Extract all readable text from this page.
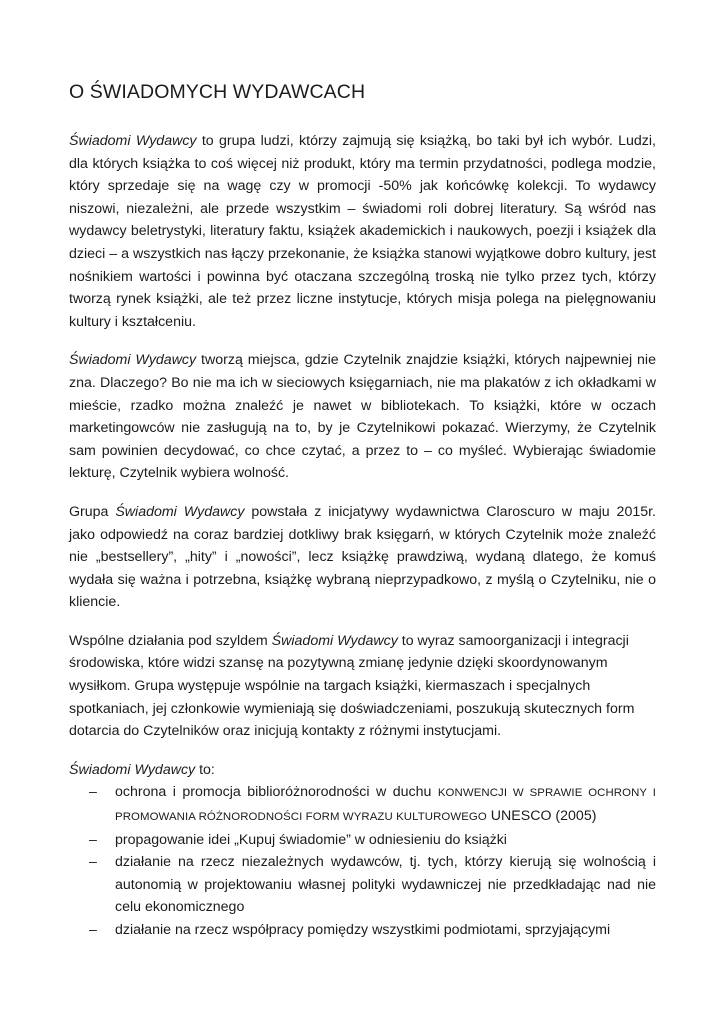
O ŚWIADOMYCH WYDAWCACH

Świadomi Wydawcy to grupa ludzi, którzy zajmują się książką, bo taki był ich wybór. Ludzi, dla których książka to coś więcej niż produkt, który ma termin przydatności, podlega modzie, który sprzedaje się na wagę czy w promocji -50% jak końcówkę kolekcji. To wydawcy niszowi, niezależni, ale przede wszystkim – świadomi roli dobrej literatury. Są wśród nas wydawcy beletrystyki, literatury faktu, książek akademickich i naukowych, poezji i książek dla dzieci – a wszystkich nas łączy przekonanie, że książka stanowi wyjątkowe dobro kultury, jest nośnikiem wartości i powinna być otaczana szczególną troską nie tylko przez tych, którzy tworzą rynek książki, ale też przez liczne instytucje, których misja polega na pielęgnowaniu kultury i kształceniu.

Świadomi Wydawcy tworzą miejsca, gdzie Czytelnik znajdzie książki, których najpewniej nie zna. Dlaczego? Bo nie ma ich w sieciowych księgarniach, nie ma plakatów z ich okładkami w mieście, rzadko można znaleźć je nawet w bibliotekach. To książki, które w oczach marketingowców nie zasługują na to, by je Czytelnikowi pokazać. Wierzymy, że Czytelnik sam powinien decydować, co chce czytać, a przez to – co myśleć. Wybierając świadomie lekturę, Czytelnik wybiera wolność.

Grupa Świadomi Wydawcy powstała z inicjatywy wydawnictwa Claroscuro w maju 2015r. jako odpowiedź na coraz bardziej dotkliwy brak księgarń, w których Czytelnik może znaleźć nie „bestsellery”, „hity” i „nowości”, lecz książkę prawdziwą, wydaną dlatego, że komuś wydała się ważna i potrzebna, książkę wybraną nieprzypadkowo, z myślą o Czytelniku, nie o kliencie.

Wspólne działania pod szyldem Świadomi Wydawcy to wyraz samoorganizacji i integracji środowiska, które widzi szansę na pozytywną zmianę jedynie dzięki skoordynowanym wysiłkom. Grupa występuje wspólnie na targach książki, kiermaszach i specjalnych spotkaniach, jej członkowie wymieniają się doświadczeniami, poszukują skutecznych form dotarcia do Czytelników oraz inicjują kontakty z różnymi instytucjami.

Świadomi Wydawcy to:

–	ochrona i promocja biblioróżnorodności w duchu KONWENCJI W SPRAWIE OCHRONY I PROMOWANIA RÓŻNORODNOŚCI FORM WYRAZU KULTUROWEGO UNESCO (2005)
–	propagowanie idei „Kupuj świadomie” w odniesieniu do książki
–	działanie na rzecz niezależnych wydawców, tj. tych, którzy kierują się wolnością i autonomią w projektowaniu własnej polityki wydawniczej nie przedkładając nad nie celu ekonomicznego
–	działanie na rzecz współpracy pomiędzy wszystkimi podmiotami, sprzyjającymi
